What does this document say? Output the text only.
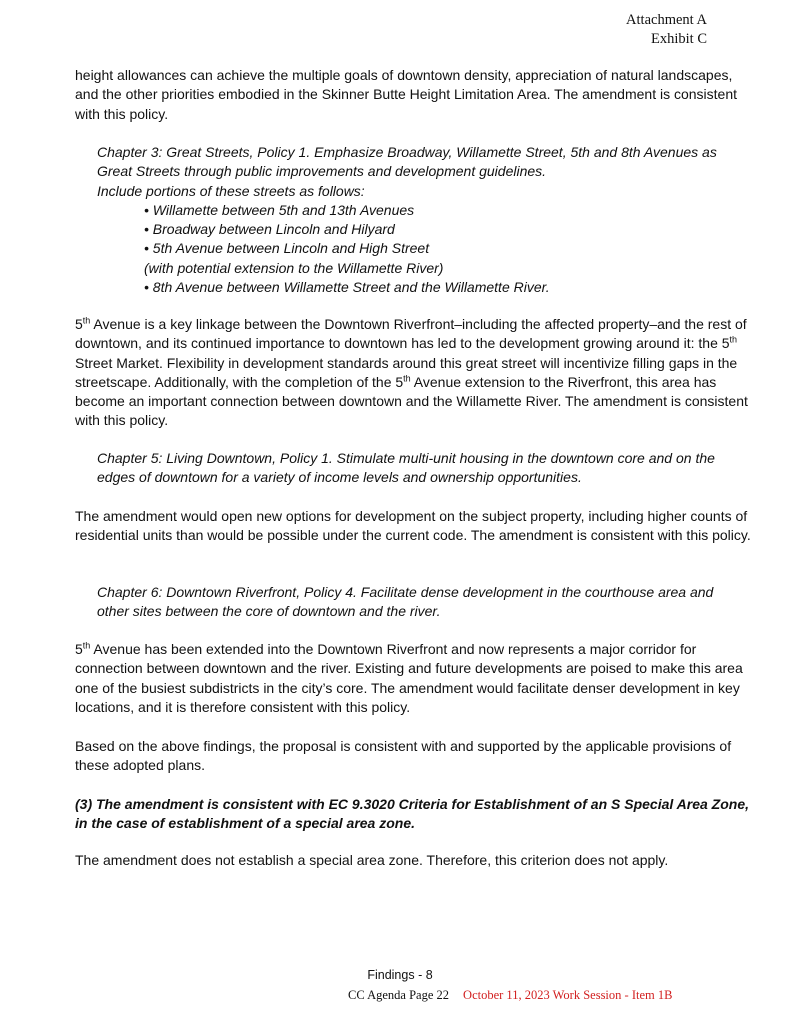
Attachment A
Exhibit C

height allowances can achieve the multiple goals of downtown density, appreciation of natural landscapes, and the other priorities embodied in the Skinner Butte Height Limitation Area. The amendment is consistent with this policy.

Chapter 3: Great Streets, Policy 1. Emphasize Broadway, Willamette Street, 5th and 8th Avenues as Great Streets through public improvements and development guidelines.

Include portions of these streets as follows:

• Willamette between 5th and 13th Avenues
• Broadway between Lincoln and Hilyard
• 5th Avenue between Lincoln and High Street
(with potential extension to the Willamette River)
• 8th Avenue between Willamette Street and the Willamette River.

5th Avenue is a key linkage between the Downtown Riverfront–including the affected property–and the rest of downtown, and its continued importance to downtown has led to the development growing around it: the 5th Street Market. Flexibility in development standards around this great street will incentivize filling gaps in the streetscape. Additionally, with the completion of the 5th Avenue extension to the Riverfront, this area has become an important connection between downtown and the Willamette River. The amendment is consistent with this policy.

Chapter 5: Living Downtown, Policy 1. Stimulate multi-unit housing in the downtown core and on the edges of downtown for a variety of income levels and ownership opportunities.

The amendment would open new options for development on the subject property, including higher counts of residential units than would be possible under the current code. The amendment is consistent with this policy.

Chapter 6: Downtown Riverfront, Policy 4. Facilitate dense development in the courthouse area and other sites between the core of downtown and the river.

5th Avenue has been extended into the Downtown Riverfront and now represents a major corridor for connection between downtown and the river. Existing and future developments are poised to make this area one of the busiest subdistricts in the city’s core. The amendment would facilitate denser development in key locations, and it is therefore consistent with this policy.

Based on the above findings, the proposal is consistent with and supported by the applicable provisions of these adopted plans.

(3) The amendment is consistent with EC 9.3020 Criteria for Establishment of an S Special Area Zone, in the case of establishment of a special area zone.

The amendment does not establish a special area zone. Therefore, this criterion does not apply.

Findings - 8
CC Agenda Page 22 October 11, 2023 Work Session - Item 1B
